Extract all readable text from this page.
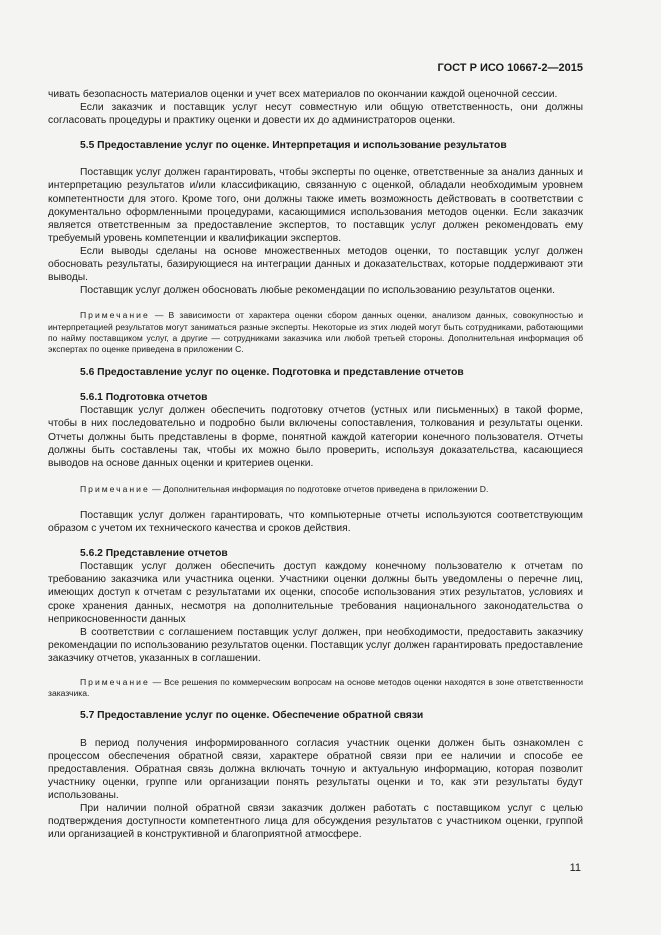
ГОСТ Р ИСО 10667-2—2015

чивать безопасность материалов оценки и учет всех материалов по окончании каждой оценочной сессии.

Если заказчик и поставщик услуг несут совместную или общую ответственность, они должны согласовать процедуры и практику оценки и довести их до администраторов оценки.

5.5 Предоставление услуг по оценке. Интерпретация и использование результатов

Поставщик услуг должен гарантировать, чтобы эксперты по оценке, ответственные за анализ данных и интерпретацию результатов и/или классификацию, связанную с оценкой, обладали необходимым уровнем компетентности для этого. Кроме того, они должны также иметь возможность действовать в соответствии с документально оформленными процедурами, касающимися использования методов оценки. Если заказчик является ответственным за предоставление экспертов, то поставщик услуг должен рекомендовать ему требуемый уровень компетенции и квалификации экспертов.

Если выводы сделаны на основе множественных методов оценки, то поставщик услуг должен обосновать результаты, базирующиеся на интеграции данных и доказательствах, которые поддерживают эти выводы.

Поставщик услуг должен обосновать любые рекомендации по использованию результатов оценки.

Примечание — В зависимости от характера оценки сбором данных оценки, анализом данных, совокупностью и интерпретацией результатов могут заниматься разные эксперты. Некоторые из этих людей могут быть сотрудниками, работающими по найму поставщиком услуг, а другие — сотрудниками заказчика или любой третьей стороны. Дополнительная информация об экспертах по оценке приведена в приложении С.

5.6 Предоставление услуг по оценке. Подготовка и представление отчетов
5.6.1 Подготовка отчетов

Поставщик услуг должен обеспечить подготовку отчетов (устных или письменных) в такой форме, чтобы в них последовательно и подробно были включены сопоставления, толкования и результаты оценки. Отчеты должны быть представлены в форме, понятной каждой категории конечного пользователя. Отчеты должны быть составлены так, чтобы их можно было проверить, используя доказательства, касающиеся выводов на основе данных оценки и критериев оценки.

Примечание — Дополнительная информация по подготовке отчетов приведена в приложении D.

Поставщик услуг должен гарантировать, что компьютерные отчеты используются соответствующим образом с учетом их технического качества и сроков действия.

5.6.2 Представление отчетов

Поставщик услуг должен обеспечить доступ каждому конечному пользователю к отчетам по требованию заказчика или участника оценки. Участники оценки должны быть уведомлены о перечне лиц, имеющих доступ к отчетам с результатами их оценки, способе использования этих результатов, условиях и сроке хранения данных, несмотря на дополнительные требования национального законодательства о неприкосновенности данных

В соответствии с соглашением поставщик услуг должен, при необходимости, предоставить заказчику рекомендации по использованию результатов оценки. Поставщик услуг должен гарантировать предоставление заказчику отчетов, указанных в соглашении.

Примечание — Все решения по коммерческим вопросам на основе методов оценки находятся в зоне ответственности заказчика.

5.7 Предоставление услуг по оценке. Обеспечение обратной связи

В период получения информированного согласия участник оценки должен быть ознакомлен с процессом обеспечения обратной связи, характере обратной связи при ее наличии и способе ее предоставления. Обратная связь должна включать точную и актуальную информацию, которая позволит участнику оценки, группе или организации понять результаты оценки и то, как эти результаты будут использованы.

При наличии полной обратной связи заказчик должен работать с поставщиком услуг с целью подтверждения доступности компетентного лица для обсуждения результатов с участником оценки, группой или организацией в конструктивной и благоприятной атмосфере.

11
